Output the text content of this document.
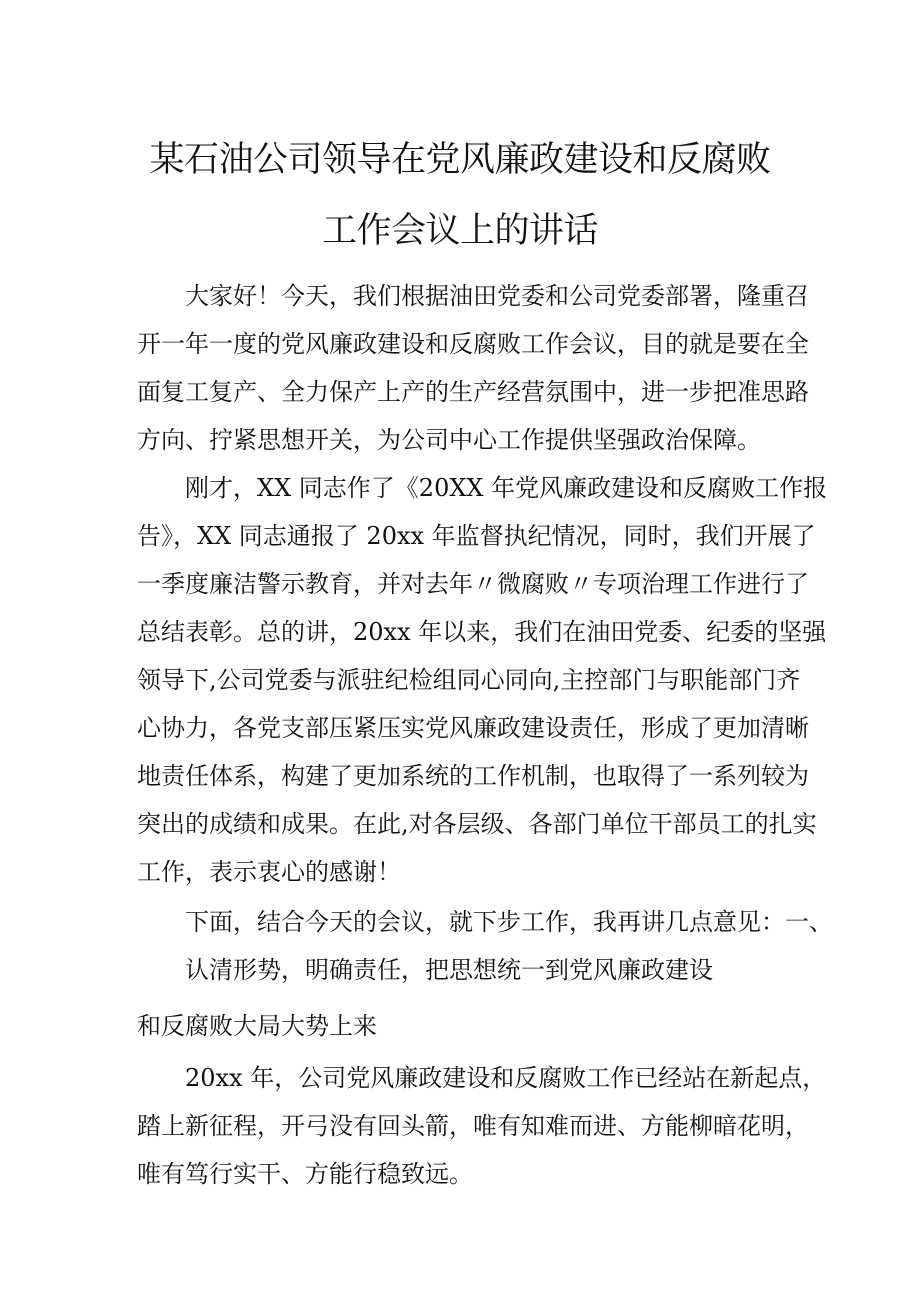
某石油公司领导在党风廉政建设和反腐败
工作会议上的讲话
大家好！今天，我们根据油田党委和公司党委部署，隆重召
开一年一度的党风廉政建设和反腐败工作会议，目的就是要在全
面复工复产、全力保产上产的生产经营氛围中，进一步把准思路
方向、拧紧思想开关，为公司中心工作提供坚强政治保障。
刚才，XX 同志作了《20XX 年党风廉政建设和反腐败工作报
告》，XX 同志通报了 20xx 年监督执纪情况，同时，我们开展了
一季度廉洁警示教育，并对去年〃微腐败〃专项治理工作进行了
总结表彰。总的讲，20xx 年以来，我们在油田党委、纪委的坚强
领导下,公司党委与派驻纪检组同心同向,主控部门与职能部门齐
心协力，各党支部压紧压实党风廉政建设责任，形成了更加清晰
地责任体系，构建了更加系统的工作机制，也取得了一系列较为
突出的成绩和成果。在此,对各层级、各部门单位干部员工的扎实
工作，表示衷心的感谢！
下面，结合今天的会议，就下步工作，我再讲几点意见：一、
认清形势，明确责任，把思想统一到党风廉政建设
和反腐败大局大势上来
20xx 年，公司党风廉政建设和反腐败工作已经站在新起点，
踏上新征程，开弓没有回头箭，唯有知难而进、方能柳暗花明，
唯有笃行实干、方能行稳致远。
